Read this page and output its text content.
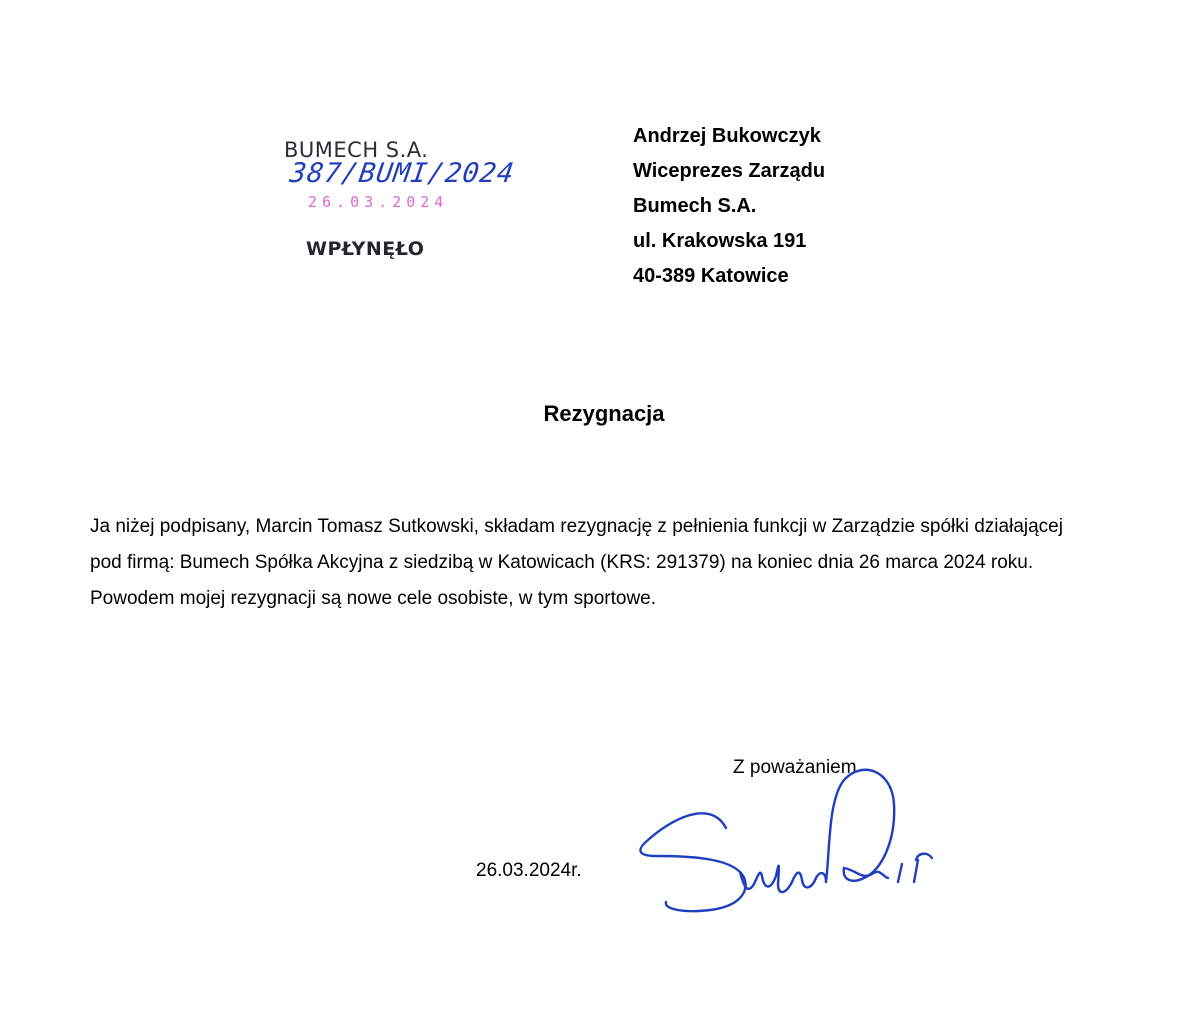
BUMECH S.A.
387/BUMI/2024
26.03.2024
WPŁYNĘŁO
Andrzej Bukowczyk
Wiceprezes Zarządu
Bumech S.A.
ul. Krakowska 191
40-389 Katowice
Rezygnacja
Ja niżej podpisany, Marcin Tomasz Sutkowski, składam rezygnację z pełnienia funkcji w Zarządzie spółki działającej
pod firmą: Bumech Spółka Akcyjna z siedzibą w Katowicach (KRS: 291379) na koniec dnia 26 marca 2024 roku.
Powodem mojej rezygnacji są nowe cele osobiste, w tym sportowe.
Z poważaniem
26.03.2024r.
